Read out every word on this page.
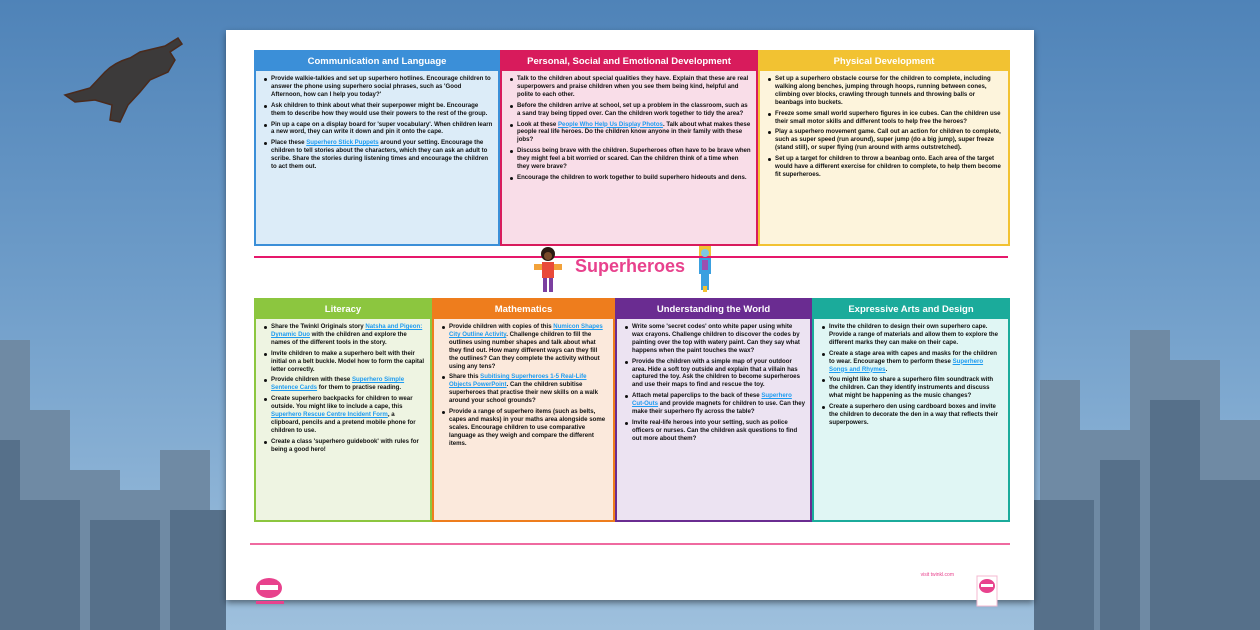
Communication and Language
Provide walkie-talkies and set up superhero hotlines. Encourage children to answer the phone using superhero social phrases, such as 'Good Afternoon, how can I help you today?'
Ask children to think about what their superpower might be. Encourage them to describe how they would use their powers to the rest of the group.
Pin up a cape on a display board for 'super vocabulary'. When children learn a new word, they can write it down and pin it onto the cape.
Place these Superhero Stick Puppets around your setting. Encourage the children to tell stories about the characters, which they can ask an adult to scribe. Share the stories during listening times and encourage the children to act them out.
Personal, Social and Emotional Development
Talk to the children about special qualities they have. Explain that these are real superpowers and praise children when you see them being kind, helpful and polite to each other.
Before the children arrive at school, set up a problem in the classroom, such as a sand tray being tipped over. Can the children work together to tidy the area?
Look at these People Who Help Us Display Photos. Talk about what makes these people real life heroes. Do the children know anyone in their family with these jobs?
Discuss being brave with the children. Superheroes often have to be brave when they might feel a bit worried or scared. Can the children think of a time when they were brave?
Encourage the children to work together to build superhero hideouts and dens.
Physical Development
Set up a superhero obstacle course for the children to complete, including walking along benches, jumping through hoops, running between cones, climbing over blocks, crawling through tunnels and throwing balls or beanbags into buckets.
Freeze some small world superhero figures in ice cubes. Can the children use their small motor skills and different tools to help free the heroes?
Play a superhero movement game. Call out an action for children to complete, such as super speed (run around), super jump (do a big jump), super freeze (stand still), or super flying (run around with arms outstretched).
Set up a target for children to throw a beanbag onto. Each area of the target would have a different exercise for children to complete, to help them become fit superheroes.
Literacy
Share the Twinkl Originals story Natsha and Pigeon: Dynamic Duo with the children and explore the names of the different tools in the story.
Invite children to make a superhero belt with their initial on a belt buckle. Model how to form the capital letter correctly.
Provide children with these Superhero Simple Sentence Cards for them to practise reading.
Create superhero backpacks for children to wear outside. You might like to include a cape, this Superhero Rescue Centre Incident Form, a clipboard, pencils and a pretend mobile phone for children to use.
Create a class 'superhero guidebook' with rules for being a good hero!
Mathematics
Provide children with copies of this Numicon Shapes City Outline Activity. Challenge children to fill the outlines using number shapes and talk about what they find out. How many different ways can they fill the outlines? Can they complete the activity without using any tens?
Share this Subitising Superheroes 1-5 Real-Life Objects PowerPoint. Can the children subitise superheroes that practise their new skills on a walk around your school grounds?
Provide a range of superhero items (such as belts, capes and masks) in your maths area alongside some scales. Encourage children to use comparative language as they weigh and compare the different items.
Understanding the World
Write some 'secret codes' onto white paper using white wax crayons. Challenge children to discover the codes by painting over the top with watery paint. Can they say what happens when the paint touches the wax?
Provide the children with a simple map of your outdoor area. Hide a soft toy outside and explain that a villain has captured the toy. Ask the children to become superheroes and use their maps to find and rescue the toy.
Attach metal paperclips to the back of these Superhero Cut-Outs and provide magnets for children to use. Can they make their superhero fly across the table?
Invite real-life heroes into your setting, such as police officers or nurses. Can the children ask questions to find out more about them?
Expressive Arts and Design
Invite the children to design their own superhero cape. Provide a range of materials and allow them to explore the different marks they can make on their cape.
Create a stage area with capes and masks for the children to wear. Encourage them to perform these Superhero Songs and Rhymes.
You might like to share a superhero film soundtrack with the children. Can they identify instruments and discuss what might be happening as the music changes?
Create a superhero den using cardboard boxes and invite the children to decorate the den in a way that reflects their superpowers.
Superheroes
visit twinkl.com
